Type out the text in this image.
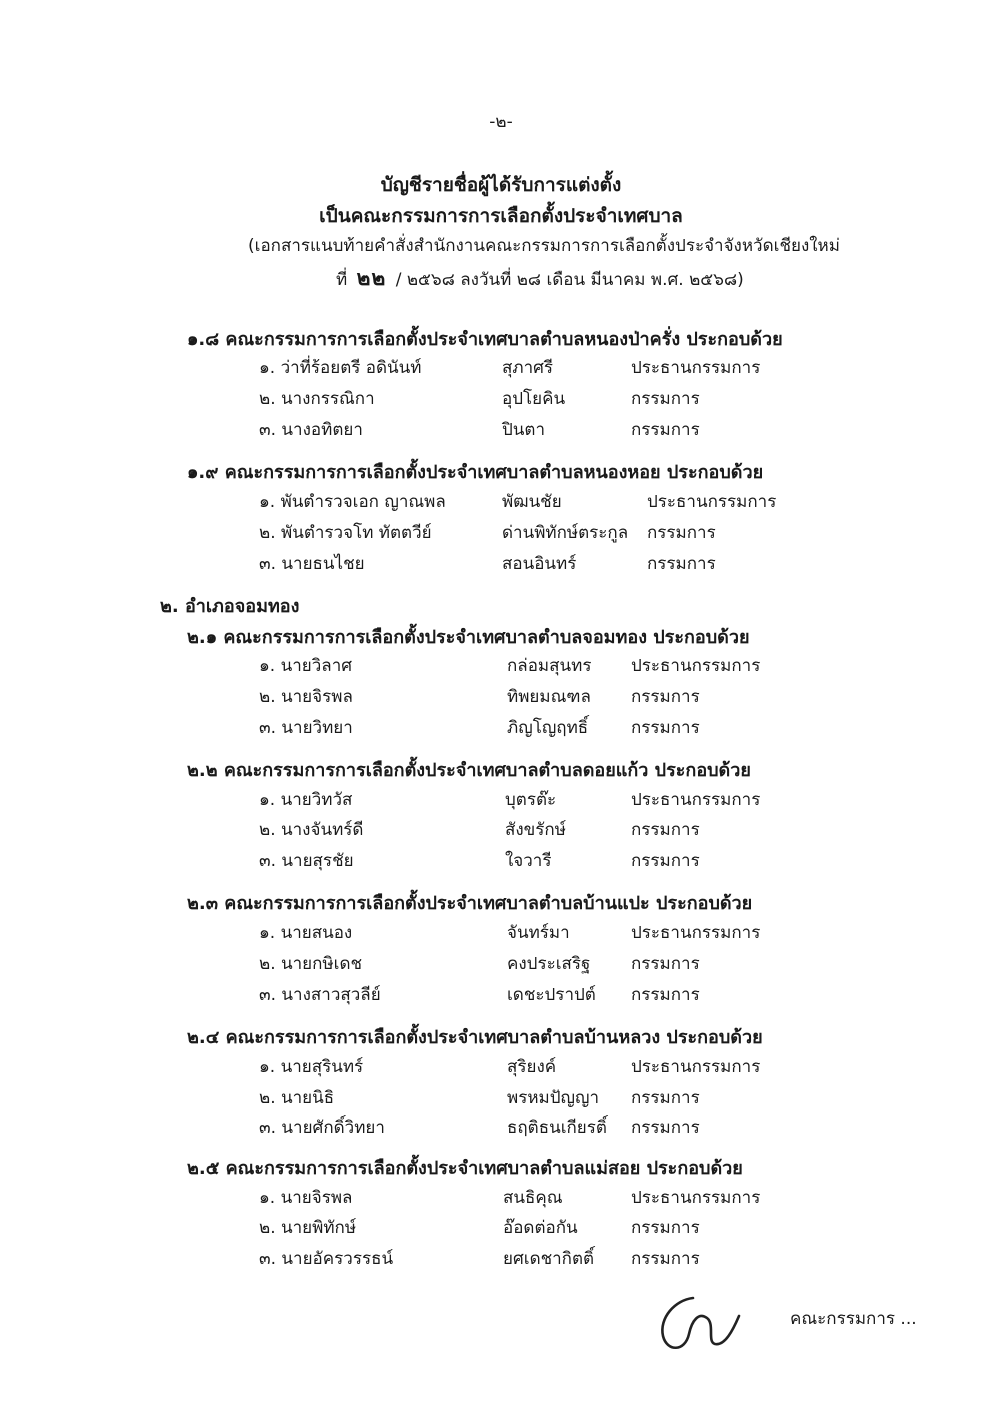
-๒-
บัญชีรายชื่อผู้ได้รับการแต่งตั้ง
เป็นคณะกรรมการการเลือกตั้งประจำเทศบาล
(เอกสารแนบท้ายคำสั่งสำนักงานคณะกรรมการการเลือกตั้งประจำจังหวัดเชียงใหม่
ที่ ๒๒ / ๒๕๖๘ ลงวันที่ ๒๘ เดือน มีนาคม พ.ศ. ๒๕๖๘)
๑.๘ คณะกรรมการการเลือกตั้งประจำเทศบาลตำบลหนองป่าครั่ง ประกอบด้วย
๑. ว่าที่ร้อยตรี อดินันท์	สุภาศรี	ประธานกรรมการ
๒. นางกรรณิกา	อุปโยคิน	กรรมการ
๓. นางอทิตยา	ปินตา	กรรมการ
๑.๙ คณะกรรมการการเลือกตั้งประจำเทศบาลตำบลหนองหอย ประกอบด้วย
๑. พันตำรวจเอก ญาณพล	พัฒนชัย	ประธานกรรมการ
๒. พันตำรวจโท ทัตตวีย์	ด่านพิทักษ์ตระกูล กรรมการ
๓. นายธนไชย	สอนอินทร์	กรรมการ
๒. อำเภอจอมทอง
๒.๑ คณะกรรมการการเลือกตั้งประจำเทศบาลตำบลจอมทอง ประกอบด้วย
๑. นายวิลาศ	กล่อมสุนทร ประธานกรรมการ
๒. นายจิรพล	ทิพยมณฑล กรรมการ
๓. นายวิทยา	ภิญโญฤทธิ์	กรรมการ
๒.๒ คณะกรรมการการเลือกตั้งประจำเทศบาลตำบลดอยแก้ว ประกอบด้วย
๑. นายวิทวัส	บุตรต๊ะ	ประธานกรรมการ
๒. นางจันทร์ดี	สังขรักษ์	กรรมการ
๓. นายสุรชัย	ใจวารี	กรรมการ
๒.๓ คณะกรรมการการเลือกตั้งประจำเทศบาลตำบลบ้านแปะ ประกอบด้วย
๑. นายสนอง	จันทร์มา	ประธานกรรมการ
๒. นายกษิเดช	คงประเสริฐ กรรมการ
๓. นางสาวสุวลีย์	เดชะปราปต์ กรรมการ
๒.๔ คณะกรรมการการเลือกตั้งประจำเทศบาลตำบลบ้านหลวง ประกอบด้วย
๑. นายสุรินทร์	สุริยงค์	ประธานกรรมการ
๒. นายนิธิ	พรหมปัญญา กรรมการ
๓. นายศักดิ์วิทยา	ธฤติธนเกียรติ์ กรรมการ
๒.๕ คณะกรรมการการเลือกตั้งประจำเทศบาลตำบลแม่สอย ประกอบด้วย
๑. นายจิรพล	สนธิคุณ	ประธานกรรมการ
๒. นายพิทักษ์	อ๊อดต่อกัน	กรรมการ
๓. นายอัครวรรธน์	ยศเดชากิตติ์ กรรมการ
คณะกรรมการ ...
